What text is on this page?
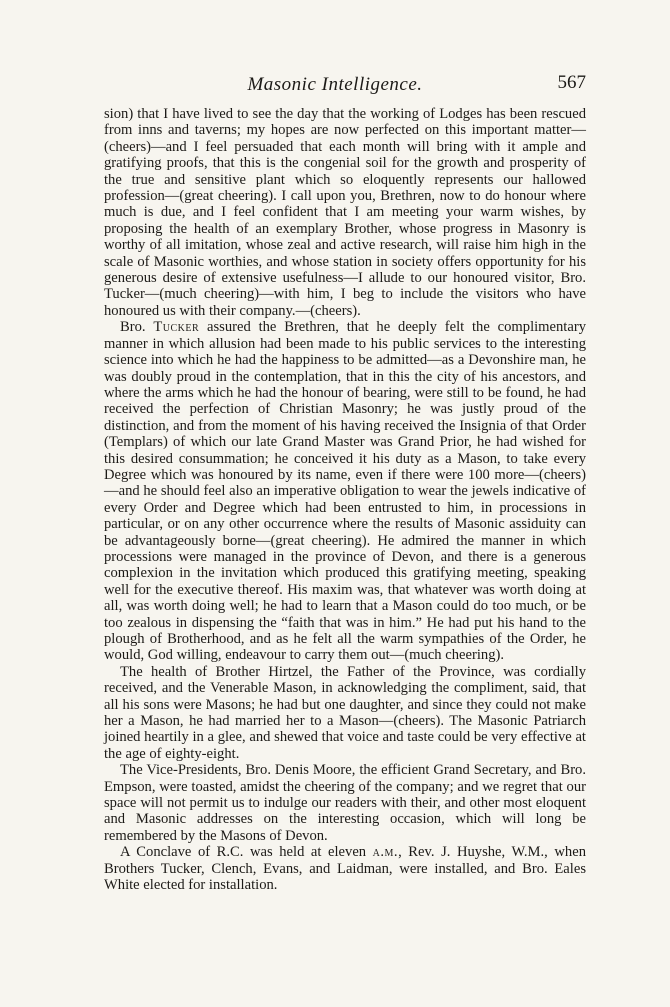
Masonic Intelligence.	567

sion) that I have lived to see the day that the working of Lodges has been rescued from inns and taverns; my hopes are now perfected on this important matter—(cheers)—and I feel persuaded that each month will bring with it ample and gratifying proofs, that this is the congenial soil for the growth and prosperity of the true and sensitive plant which so eloquently represents our hallowed profession—(great cheering). I call upon you, Brethren, now to do honour where much is due, and I feel confident that I am meeting your warm wishes, by proposing the health of an exemplary Brother, whose progress in Masonry is worthy of all imitation, whose zeal and active research, will raise him high in the scale of Masonic worthies, and whose station in society offers opportunity for his generous desire of extensive usefulness—I allude to our honoured visitor, Bro. Tucker—(much cheering)—with him, I beg to include the visitors who have honoured us with their company.—(cheers).

Bro. Tucker assured the Brethren, that he deeply felt the complimentary manner in which allusion had been made to his public services to the interesting science into which he had the happiness to be admitted—as a Devonshire man, he was doubly proud in the contemplation, that in this the city of his ancestors, and where the arms which he had the honour of bearing, were still to be found, he had received the perfection of Christian Masonry; he was justly proud of the distinction, and from the moment of his having received the Insignia of that Order (Templars) of which our late Grand Master was Grand Prior, he had wished for this desired consummation; he conceived it his duty as a Mason, to take every Degree which was honoured by its name, even if there were 100 more—(cheers)—and he should feel also an imperative obligation to wear the jewels indicative of every Order and Degree which had been entrusted to him, in processions in particular, or on any other occurrence where the results of Masonic assiduity can be advantageously borne—(great cheering). He admired the manner in which processions were managed in the province of Devon, and there is a generous complexion in the invitation which produced this gratifying meeting, speaking well for the executive thereof. His maxim was, that whatever was worth doing at all, was worth doing well; he had to learn that a Mason could do too much, or be too zealous in dispensing the “faith that was in him.” He had put his hand to the plough of Brotherhood, and as he felt all the warm sympathies of the Order, he would, God willing, endeavour to carry them out—(much cheering).

The health of Brother Hirtzel, the Father of the Province, was cordially received, and the Venerable Mason, in acknowledging the compliment, said, that all his sons were Masons; he had but one daughter, and since they could not make her a Mason, he had married her to a Mason—(cheers). The Masonic Patriarch joined heartily in a glee, and shewed that voice and taste could be very effective at the age of eighty-eight.

The Vice-Presidents, Bro. Denis Moore, the efficient Grand Secretary, and Bro. Empson, were toasted, amidst the cheering of the company; and we regret that our space will not permit us to indulge our readers with their, and other most eloquent and Masonic addresses on the interesting occasion, which will long be remembered by the Masons of Devon.

A Conclave of R.C. was held at eleven a.m., Rev. J. Huyshe, W.M., when Brothers Tucker, Clench, Evans, and Laidman, were installed, and Bro. Eales White elected for installation.
